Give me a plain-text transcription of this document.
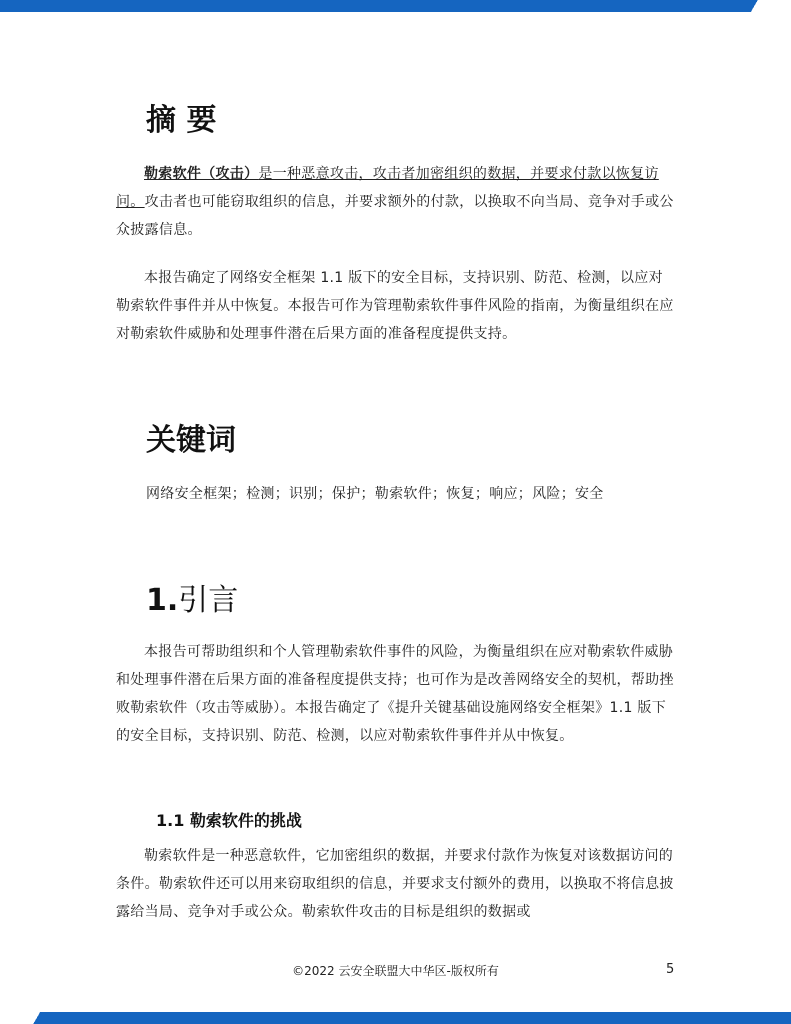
摘 要

勒索软件（攻击）是一种恶意攻击，攻击者加密组织的数据，并要求付款以恢复访问。攻击者也可能窃取组织的信息，并要求额外的付款，以换取不向当局、竞争对手或公众披露信息。

本报告确定了网络安全框架 1.1 版下的安全目标，支持识别、防范、检测，以应对勒索软件事件并从中恢复。本报告可作为管理勒索软件事件风险的指南，为衡量组织在应对勒索软件威胁和处理事件潜在后果方面的准备程度提供支持。

关键词

网络安全框架；检测；识别；保护；勒索软件；恢复；响应；风险；安全

1.引言

本报告可帮助组织和个人管理勒索软件事件的风险，为衡量组织在应对勒索软件威胁和处理事件潜在后果方面的准备程度提供支持；也可作为是改善网络安全的契机，帮助挫败勒索软件（攻击等威胁）。本报告确定了《提升关键基础设施网络安全框架》1.1 版下的安全目标，支持识别、防范、检测，以应对勒索软件事件并从中恢复。

1.1 勒索软件的挑战

勒索软件是一种恶意软件，它加密组织的数据，并要求付款作为恢复对该数据访问的条件。勒索软件还可以用来窃取组织的信息，并要求支付额外的费用，以换取不将信息披露给当局、竞争对手或公众。勒索软件攻击的目标是组织的数据或

©2022 云安全联盟大中华区-版权所有	5
